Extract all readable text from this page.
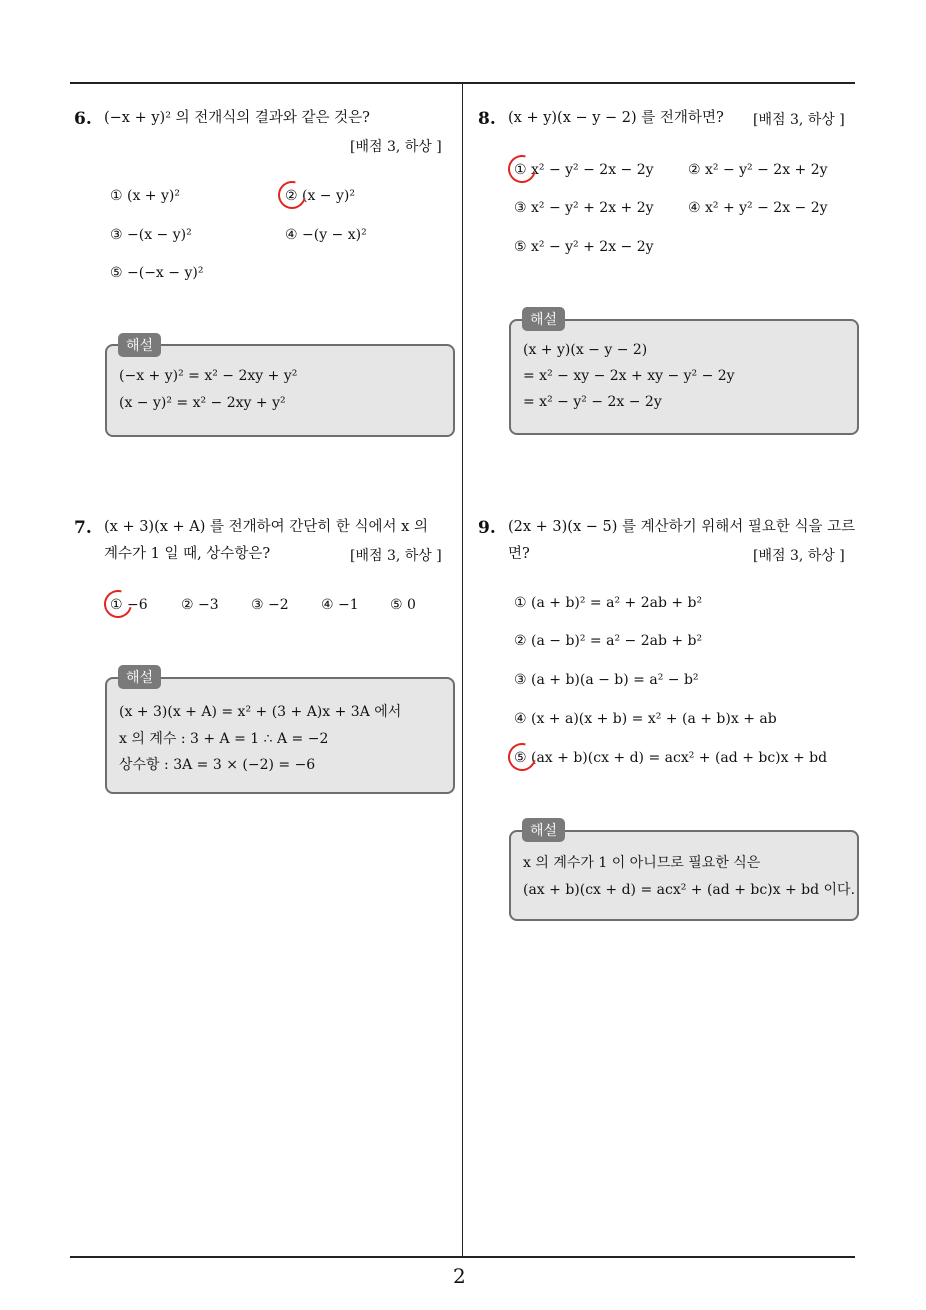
6. (−x + y)² 의 전개식의 결과와 같은 것은?
[배점 3, 하상 ]
① (x + y)²	② (x − y)²
③ −(x − y)²	④ −(y − x)²
⑤ −(−x − y)²
(−x + y)² = x² − 2xy + y²
(x − y)² = x² − 2xy + y²
해설
7. (x + 3)(x + A) 를 전개하여 간단히 한 식에서 x 의
계수가 1 일 때, 상수항은?	[배점 3, 하상 ]
① −6 ② −3 ③ −2 ④ −1 ⑤ 0
(x + 3)(x + A) = x² + (3 + A)x + 3A 에서
x 의 계수 : 3 + A = 1 ∴ A = −2
상수항 : 3A = 3 × (−2) = −6
해설
8. (x + y)(x − y − 2) 를 전개하면? [배점 3, 하상 ]
① x² − y² − 2x − 2y ② x² − y² − 2x + 2y
③ x² − y² + 2x + 2y ④ x² + y² − 2x − 2y
⑤ x² − y² + 2x − 2y
(x + y)(x − y − 2)
= x² − xy − 2x + xy − y² − 2y
= x² − y² − 2x − 2y
해설
9. (2x + 3)(x − 5) 를 계산하기 위해서 필요한 식을 고르
면?	[배점 3, 하상 ]
① (a + b)² = a² + 2ab + b²
② (a − b)² = a² − 2ab + b²
③ (a + b)(a − b) = a² − b²
④ (x + a)(x + b) = x² + (a + b)x + ab
⑤ (ax + b)(cx + d) = acx² + (ad + bc)x + bd
x 의 계수가 1 이 아니므로 필요한 식은
(ax + b)(cx + d) = acx² + (ad + bc)x + bd 이다.
해설
2
